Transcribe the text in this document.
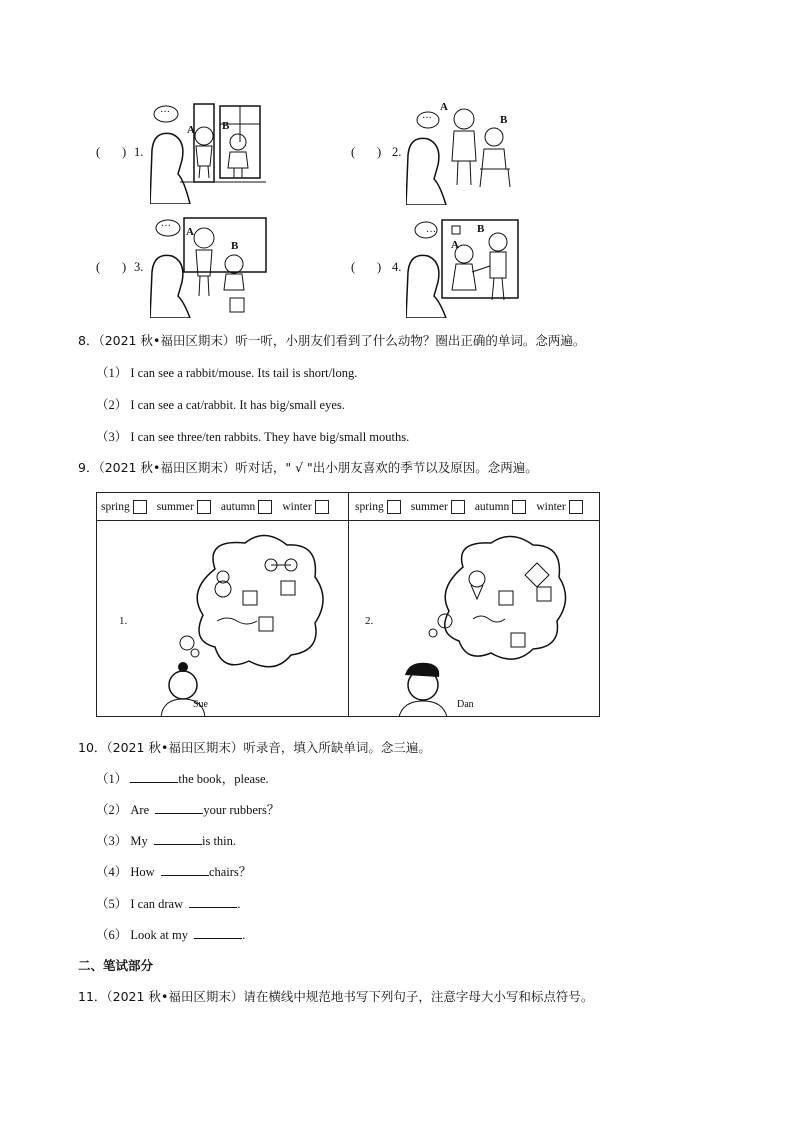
(       ) 1.	(       ) 2.
(       ) 3.	(       ) 4.
A B
…	A
B
…
A
B
…
A
B
…
8．（2021 秋•福田区期末）听一听，小朋友们看到了什么动物？圈出正确的单词。念两遍。
（1） I can see a rabbit/mouse. Its tail is short/long.
（2） I can see a cat/rabbit. It has big/small eyes.
（3） I can see three/ten rabbits. They have big/small mouths.
9．（2021 秋•福田区期末）听对话，" √ "出小朋友喜欢的季节以及原因。念两遍。
spring summer autumn winter	spring summer autumn winter
1.
Sue
2.
Dan
10．（2021 秋•福田区期末）听录音，填入所缺单词。念三遍。
（1）	the book，please.
（2） Are	your rubbers？
（3） My	is thin.
（4） How	chairs？
（5） I can draw	.
（6） Look at my	.
二、笔试部分
11．（2021 秋•福田区期末）请在横线中规范地书写下列句子，注意字母大小写和标点符号。
